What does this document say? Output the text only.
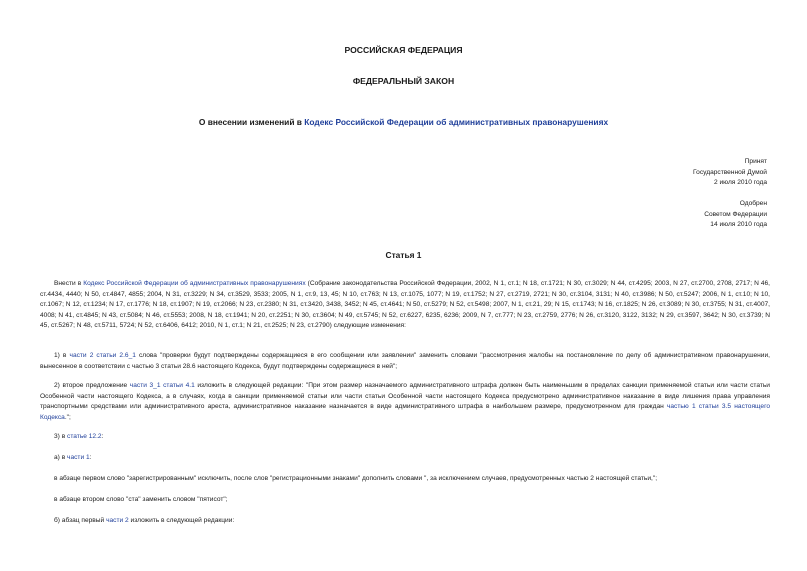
РОССИЙСКАЯ ФЕДЕРАЦИЯ
ФЕДЕРАЛЬНЫЙ ЗАКОН
О внесении изменений в Кодекс Российской Федерации об административных правонарушениях
Принят
Государственной Думой
2 июля 2010 года
Одобрен
Советом Федерации
14 июля 2010 года
Статья 1
Внести в Кодекс Российской Федерации об административных правонарушениях (Собрание законодательства Российской Федерации, 2002, N 1, ст.1; N 18, ст.1721; N 30, ст.3029; N 44, ст.4295; 2003, N 27, ст.2700, 2708, 2717; N 46, ст.4434, 4440; N 50, ст.4847, 4855; 2004, N 31, ст.3229; N 34, ст.3529, 3533; 2005, N 1, ст.9, 13, 45; N 10, ст.763; N 13, ст.1075, 1077; N 19, ст.1752; N 27, ст.2719, 2721; N 30, ст.3104, 3131; N 40, ст.3986; N 50, ст.5247; 2006, N 1, ст.10; N 10, ст.1067; N 12, ст.1234; N 17, ст.1776; N 18, ст.1907; N 19, ст.2066; N 23, ст.2380; N 31, ст.3420, 3438, 3452; N 45, ст.4641; N 50, ст.5279; N 52, ст.5498; 2007, N 1, ст.21, 29; N 15, ст.1743; N 16, ст.1825; N 26, ст.3089; N 30, ст.3755; N 31, ст.4007, 4008; N 41, ст.4845; N 43, ст.5084; N 46, ст.5553; 2008, N 18, ст.1941; N 20, ст.2251; N 30, ст.3604; N 49, ст.5745; N 52, ст.6227, 6235, 6236; 2009, N 7, ст.777; N 23, ст.2759, 2776; N 26, ст.3120, 3122, 3132; N 29, ст.3597, 3642; N 30, ст.3739; N 45, ст.5267; N 48, ст.5711, 5724; N 52, ст.6406, 6412; 2010, N 1, ст.1; N 21, ст.2525; N 23, ст.2790) следующие изменения:
1) в части 2 статьи 2.6_1 слова "проверки будут подтверждены содержащиеся в его сообщении или заявлении" заменить словами "рассмотрения жалобы на постановление по делу об административном правонарушении, вынесенное в соответствии с частью 3 статьи 28.6 настоящего Кодекса, будут подтверждены содержащиеся в ней";
2) второе предложение части 3_1 статьи 4.1 изложить в следующей редакции: "При этом размер назначаемого административного штрафа должен быть наименьшим в пределах санкции применяемой статьи или части статьи Особенной части настоящего Кодекса, а в случаях, когда в санкции применяемой статьи или части статьи Особенной части настоящего Кодекса предусмотрено административное наказание в виде лишения права управления транспортными средствами или административного ареста, административное наказание назначается в виде административного штрафа в наибольшем размере, предусмотренном для граждан частью 1 статьи 3.5 настоящего Кодекса.";
3) в статье 12.2:
а) в части 1:
в абзаце первом слово "зарегистрированным" исключить, после слов "регистрационными знаками" дополнить словами ", за исключением случаев, предусмотренных частью 2 настоящей статьи,";
в абзаце втором слово "ста" заменить словом "пятисот";
б) абзац первый части 2 изложить в следующей редакции:
